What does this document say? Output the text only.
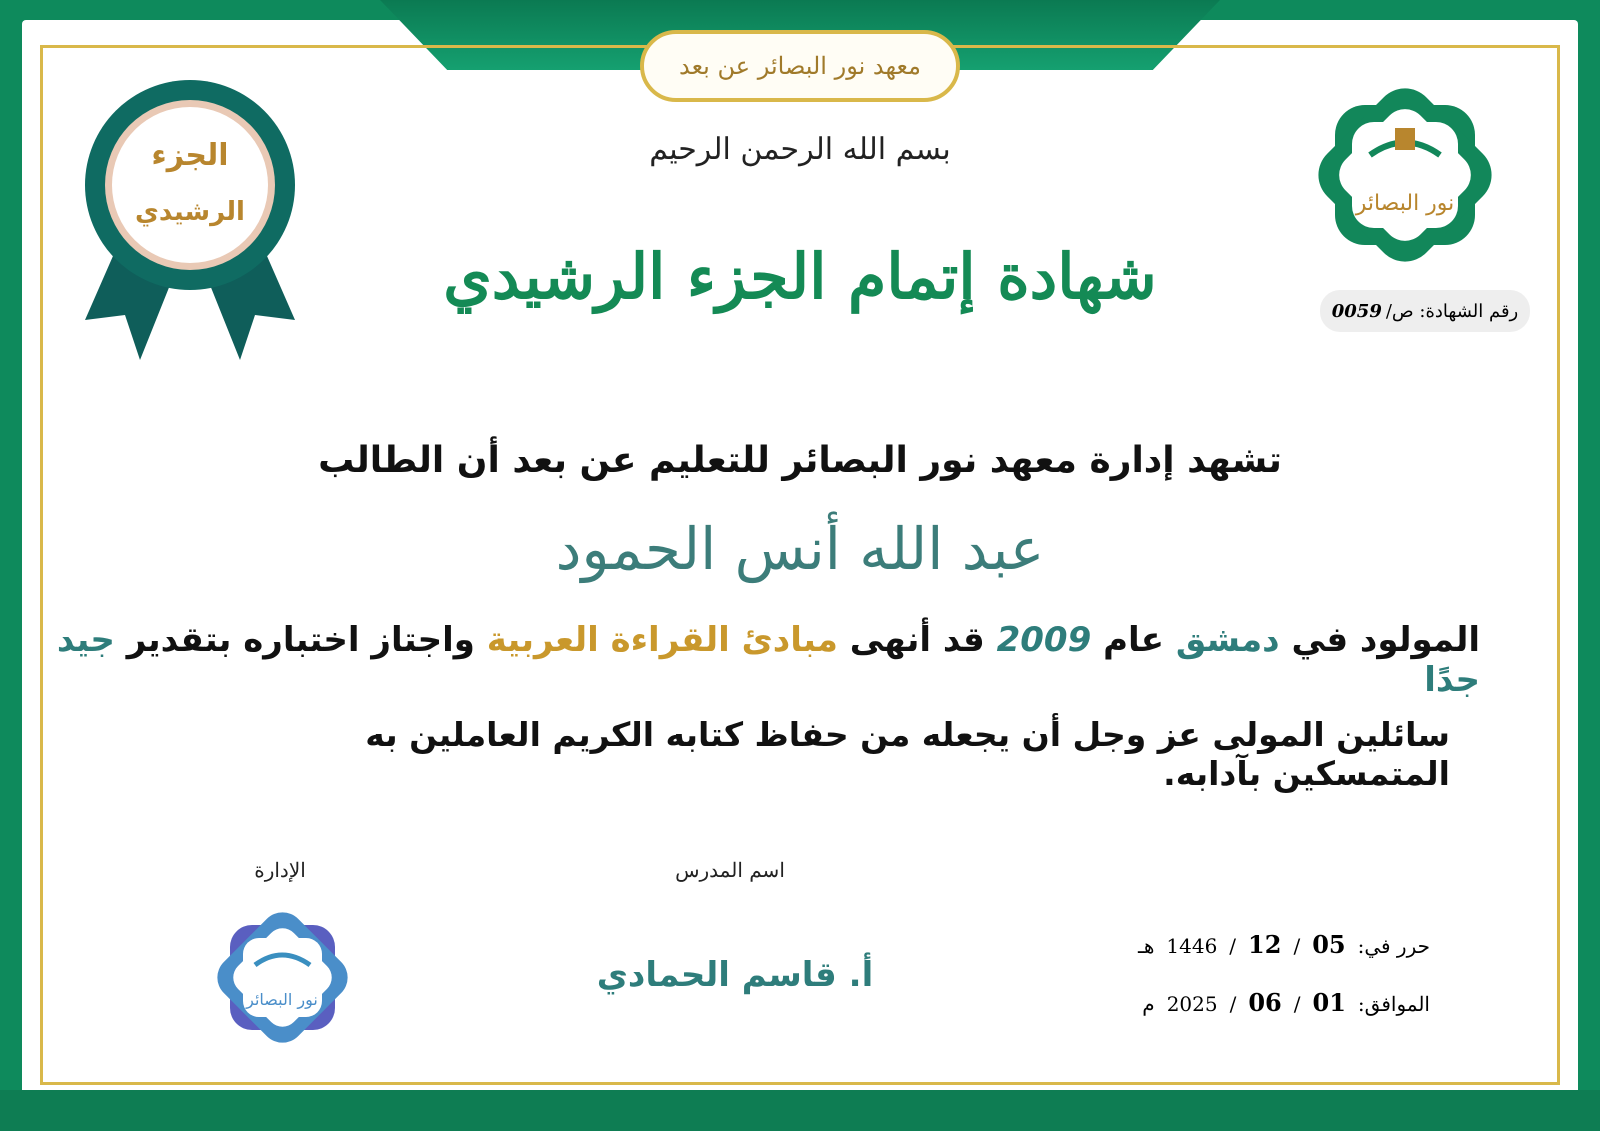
معهد نور البصائر عن بعد
الجزء
الرشيدي	نور البصائر
رقم الشهادة: ص/
0059
بسم الله الرحمن الرحيم
شهادة إتمام الجزء الرشيدي
تشهد إدارة معهد نور البصائر للتعليم عن بعد أن الطالب
عبد الله أنس الحمود
المولود في دمشق عام 2009 قد أنهى مبادئ القراءة العربية واجتاز اختباره بتقدير جيد جدًا
سائلين المولى عز وجل أن يجعله من حفاظ كتابه الكريم العاملين به المتمسكين بآدابه.
الإدارة
نور البصائر
اسم المدرس
أ. قاسم الحمادي
حرر في:
05
/
12
/
1446
هـ
الموافق:
01
/
06
/
2025
م
